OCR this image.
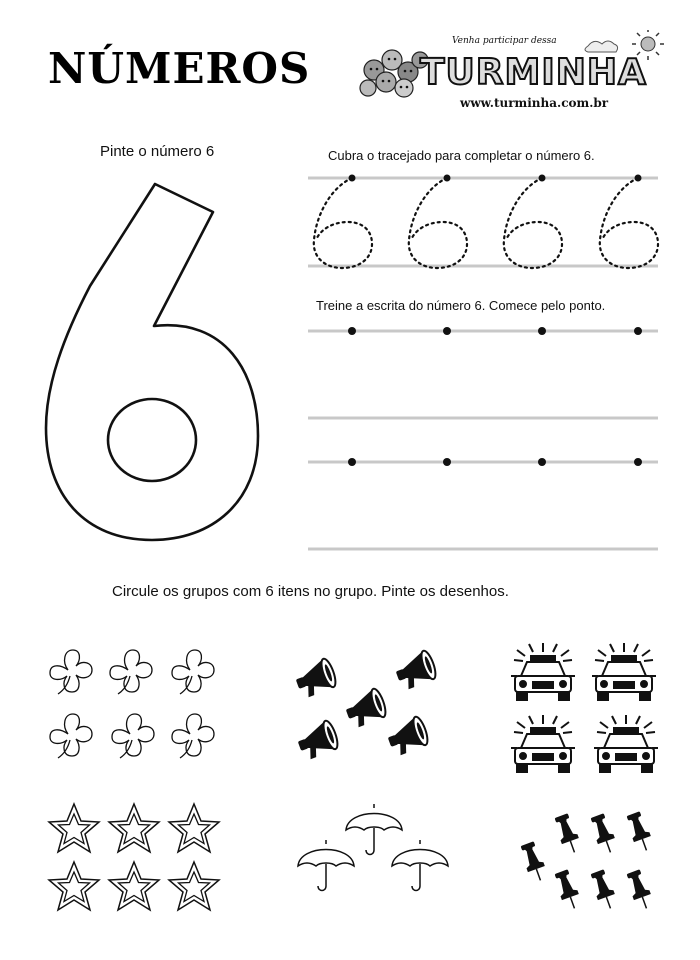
NÚMEROS
Venha participar dessa
TURMINHA
www.turminha.com.br
Pinte o número 6	Cubra o tracejado para completar o número 6.
Treine a escrita do número 6. Comece pelo ponto.
Circule os grupos com 6 itens no grupo. Pinte os desenhos.
